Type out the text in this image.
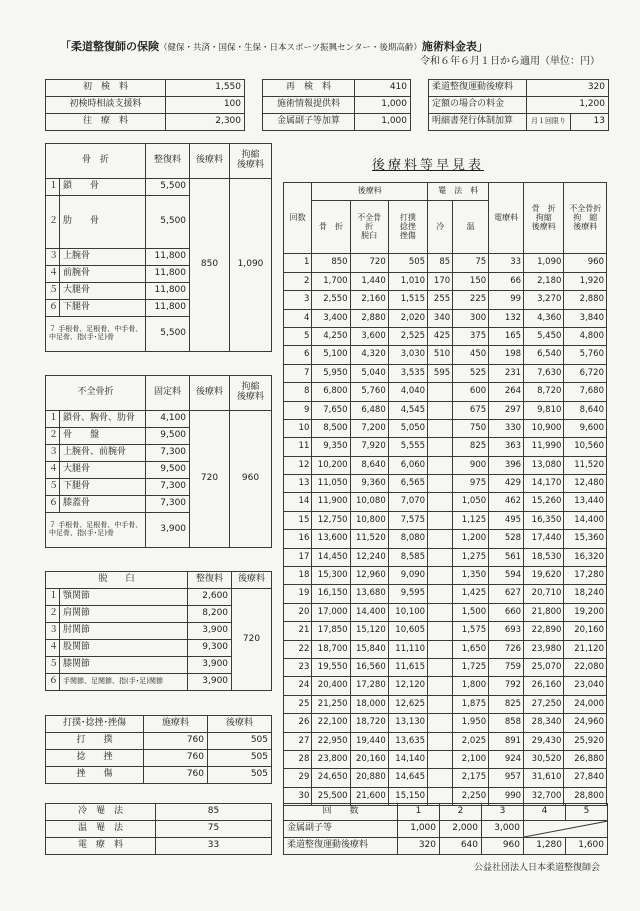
「柔道整復師の保険（健保・共済・国保・生保・日本スポーツ振興センター・後期高齢）施術料金表」
令和６年６月１日から適用（単位：円）
初　検　料	1,550
初検時相談支援料	100
往　療　料	2,300
再　検　料	410
施術情報提供料	1,000
金属副子等加算	1,000
柔道整復運動後療料	320	
定額の場合の料金	1,200	
明細書発行体制加算	月１回限り	13
骨　折		整復料	後療料	拘縮
後療料
１	鎖　　骨	5,500	850	1,090
２	肋　　骨	5,500		
３	上腕骨	11,800		
４	前腕骨	11,800		
５	大腿骨	11,800		
６	下腿骨	11,800		
７ 手根骨、足根骨、中手骨、
中足骨、指(手･足)骨		5,500		
不全骨折		固定料	後療料	拘縮
後療料
１	鎖骨、胸骨、肋骨	4,100	720	960
２	骨　　盤	9,500		
３	上腕骨、前腕骨	7,300		
４	大腿骨	9,500		
５	下腿骨	7,300		
６	膝蓋骨	7,300		
７ 手根骨、足根骨、中手骨、
中足骨、指(手･足)骨		3,900		
脱　　臼		整復料	後療料
１	顎関節	2,600	720
２	肩関節	8,200	
３	肘関節	3,900	
４	股関節	9,300	
５	膝関節	3,900	
６	手関節、足関節、指(手･足)関節	3,900	
打撲･捻挫･挫傷	施療料	後療料
打　　撲	760	505
捻　　挫	760	505
挫　　傷	760	505
冷　罨　法	85
温　罨　法	75
電　療　料	33
後療料等早見表
回数	後療料			罨　法　料		電療料	骨　折
拘縮
後療料	不全骨折
拘　縮
後療料
	骨　折	不全骨
折
脱臼	打撲
捻挫
挫傷	冷	温			
1	850	720	505	85	75	33	1,090	960
2	1,700	1,440	1,010	170	150	66	2,180	1,920
3	2,550	2,160	1,515	255	225	99	3,270	2,880
4	3,400	2,880	2,020	340	300	132	4,360	3,840
5	4,250	3,600	2,525	425	375	165	5,450	4,800
6	5,100	4,320	3,030	510	450	198	6,540	5,760
7	5,950	5,040	3,535	595	525	231	7,630	6,720
8	6,800	5,760	4,040		600	264	8,720	7,680
9	7,650	6,480	4,545		675	297	9,810	8,640
10	8,500	7,200	5,050		750	330	10,900	9,600
11	9,350	7,920	5,555		825	363	11,990	10,560
12	10,200	8,640	6,060		900	396	13,080	11,520
13	11,050	9,360	6,565		975	429	14,170	12,480
14	11,900	10,080	7,070		1,050	462	15,260	13,440
15	12,750	10,800	7,575		1,125	495	16,350	14,400
16	13,600	11,520	8,080		1,200	528	17,440	15,360
17	14,450	12,240	8,585		1,275	561	18,530	16,320
18	15,300	12,960	9,090		1,350	594	19,620	17,280
19	16,150	13,680	9,595		1,425	627	20,710	18,240
20	17,000	14,400	10,100		1,500	660	21,800	19,200
21	17,850	15,120	10,605		1,575	693	22,890	20,160
22	18,700	15,840	11,110		1,650	726	23,980	21,120
23	19,550	16,560	11,615		1,725	759	25,070	22,080
24	20,400	17,280	12,120		1,800	792	26,160	23,040
25	21,250	18,000	12,625		1,875	825	27,250	24,000
26	22,100	18,720	13,130		1,950	858	28,340	24,960
27	22,950	19,440	13,635		2,025	891	29,430	25,920
28	23,800	20,160	14,140		2,100	924	30,520	26,880
29	24,650	20,880	14,645		2,175	957	31,610	27,840
30	25,500	21,600	15,150		2,250	990	32,700	28,800
回　　数	1	2	3	4	5
金属副子等	1,000	2,000	3,000	

柔道整復運動後療料	320	640	960	1,280	1,600
公益社団法人日本柔道整復師会
